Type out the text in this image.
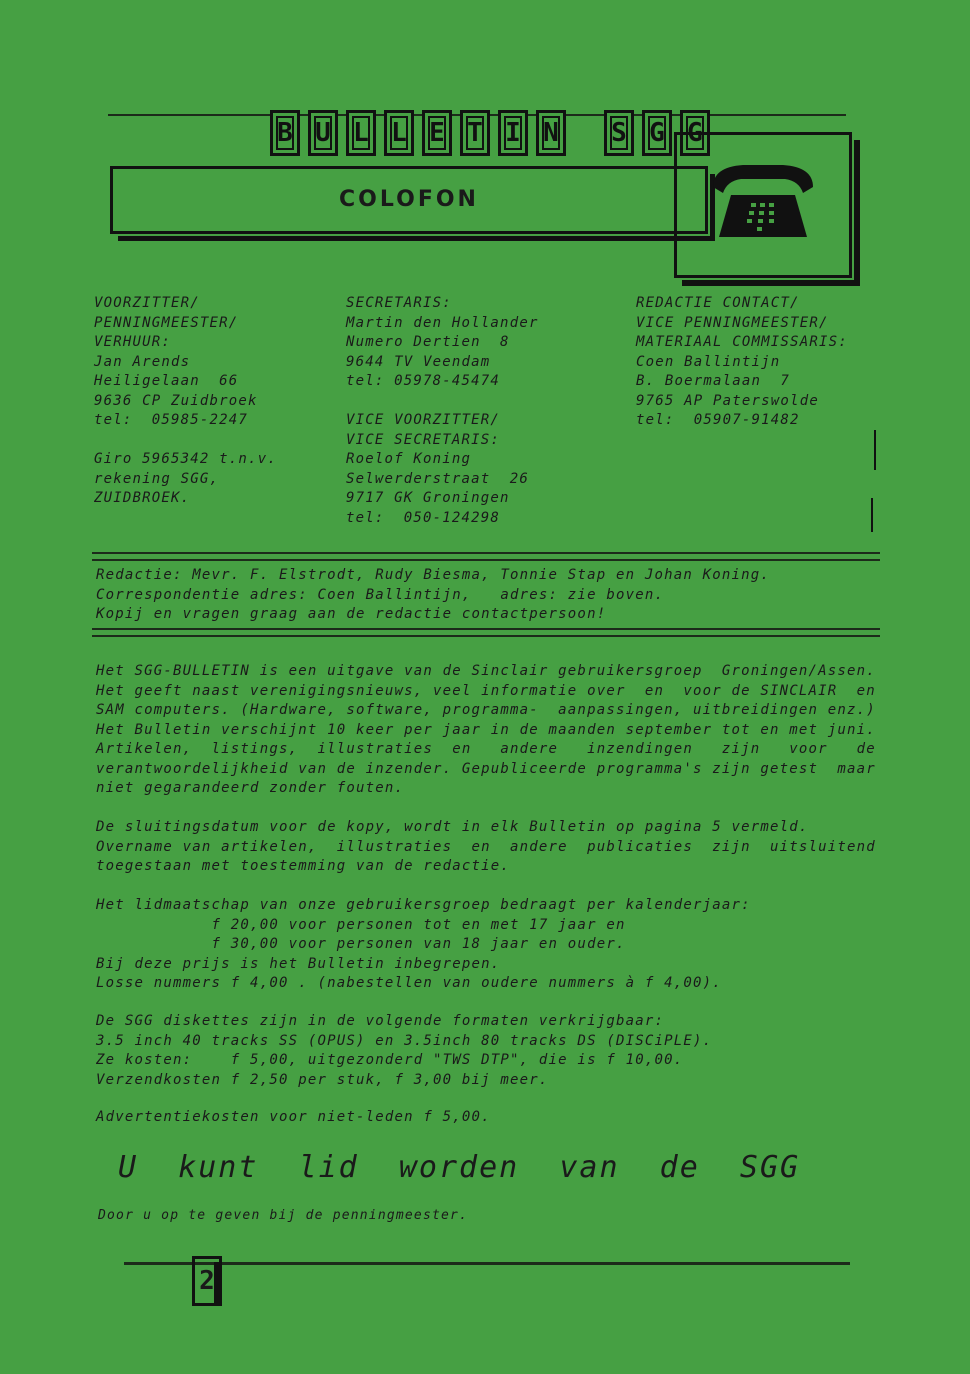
B U L L E T I N S G G
COLOFON
VOORZITTER/
PENNINGMEESTER/
VERHUUR:
Jan Arends
Heiligelaan  66
9636 CP Zuidbroek
tel:  05985-2247

Giro 5965342 t.n.v.
rekening SGG,
ZUIDBROEK.
SECRETARIS:
Martin den Hollander
Numero Dertien  8
9644 TV Veendam
tel: 05978-45474

VICE VOORZITTER/
VICE SECRETARIS:
Roelof Koning
Selwerderstraat  26
9717 GK Groningen
tel:  050-124298
REDACTIE CONTACT/
VICE PENNINGMEESTER/
MATERIAAL COMMISSARIS:
Coen Ballintijn
B. Boermalaan  7
9765 AP Paterswolde
tel:  05907-91482
Redactie: Mevr. F. Elstrodt, Rudy Biesma, Tonnie Stap en Johan Koning.
Correspondentie adres: Coen Ballintijn,   adres: zie boven.
Kopij en vragen graag aan de redactie contactpersoon!
Het SGG-BULLETIN is een uitgave van de Sinclair gebruikersgroep  Groningen/Assen.
Het geeft naast verenigingsnieuws, veel informatie over  en  voor de SINCLAIR  en
SAM computers. (Hardware, software, programma-  aanpassingen, uitbreidingen enz.)
Het Bulletin verschijnt 10 keer per jaar in de maanden september tot en met juni.
Artikelen,  listings,  illustraties  en   andere   inzendingen   zijn   voor   de
verantwoordelijkheid van de inzender. Gepubliceerde programma's zijn getest  maar
niet gegarandeerd zonder fouten.
De sluitingsdatum voor de kopy, wordt in elk Bulletin op pagina 5 vermeld.
Overname van artikelen,  illustraties  en  andere  publicaties  zijn  uitsluitend
toegestaan met toestemming van de redactie.
Het lidmaatschap van onze gebruikersgroep bedraagt per kalenderjaar:
f 20,00 voor personen tot en met 17 jaar en
f 30,00 voor personen van 18 jaar en ouder.
Bij deze prijs is het Bulletin inbegrepen.
Losse nummers f 4,00 . (nabestellen van oudere nummers à f 4,00).
De SGG diskettes zijn in de volgende formaten verkrijgbaar:
3.5 inch 40 tracks SS (OPUS) en 3.5inch 80 tracks DS (DISCiPLE).
Ze kosten:    f 5,00, uitgezonderd "TWS DTP", die is f 10,00.
Verzendkosten f 2,50 per stuk, f 3,00 bij meer.
Advertentiekosten voor niet-leden f 5,00.
U  kunt  lid  worden  van  de  SGG
Door u op te geven bij de penningmeester.
2
